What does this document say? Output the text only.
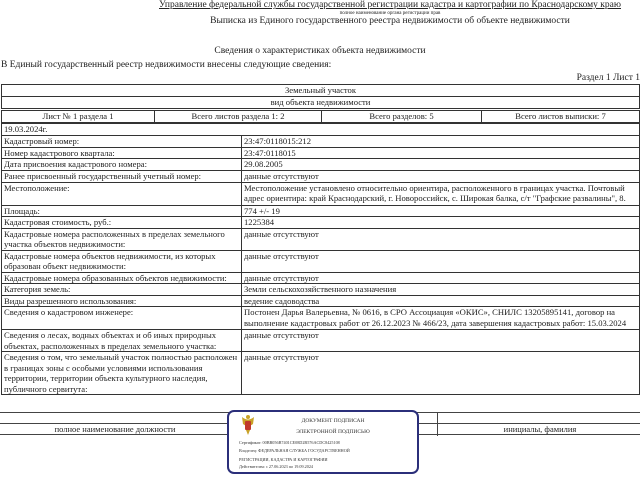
Управление федеральной службы государственной регистрации кадастра и картографии по Краснодарскому краю
полное наименование органа регистрации прав
Выписка из Единого государственного реестра недвижимости об объекте недвижимости
Сведения о характеристиках объекта недвижимости
В Единый государственный реестр недвижимости внесены следующие сведения:
Раздел 1 Лист 1
Земельный участок
вид объекта недвижимости
Лист № 1 раздела 1	Всего листов раздела 1: 2	Всего разделов: 5	Всего листов выписки: 7
19.03.2024г.	
Кадастровый номер:	23:47:0118015:212
Номер кадастрового квартала:	23:47:0118015
Дата присвоения кадастрового номера:	29.08.2005
Ранее присвоенный государственный учетный номер:	данные отсутствуют
Местоположение:	Местоположение установлено относительно ориентира, расположенного в границах участка. Почтовый адрес ориентира: край Краснодарский, г. Новороссийск, с. Широкая балка, с/т "Графские развалины", 8.
Площадь:	774 +/- 19
Кадастровая стоимость, руб.:	1225384
Кадастровые номера расположенных в пределах земельного участка объектов недвижимости:	данные отсутствуют
Кадастровые номера объектов недвижимости, из которых образован объект недвижимости:	данные отсутствуют
Кадастровые номера образованных объектов недвижимости:	данные отсутствуют
Категория земель:	Земли сельскохозяйственного назначения
Виды разрешенного использования:	ведение садоводства
Сведения о кадастровом инженере:	Постонен Дарья Валерьевна, № 0616, в СРО Ассоциация «ОКИС», СНИЛС 13205895141, договор на выполнение кадастровых работ от 26.12.2023 № 466/23, дата завершения кадастровых работ: 15.03.2024
Сведения о лесах, водных объектах и об иных природных объектах, расположенных в пределах земельного участка:	данные отсутствуют
Сведения о том, что земельный участок полностью расположен в границах зоны с особыми условиями использования территории, территории объекта культурного наследия, публичного сервитута:	данные отсутствуют
полное наименование должности	инициалы, фамилия
ДОКУМЕНТ ПОДПИСАН
ЭЛЕКТРОННОЙ ПОДПИСЬЮ
Сертификат: 00BB056B7401CE08D2B576ACDC8425108
Владелец: ФЕДЕРАЛЬНАЯ СЛУЖБА ГОСУДАРСТВЕННОЙ
РЕГИСТРАЦИИ, КАДАСТРА И КАРТОГРАФИИ
Действителен: с 27.06.2023 по 19.09.2024
